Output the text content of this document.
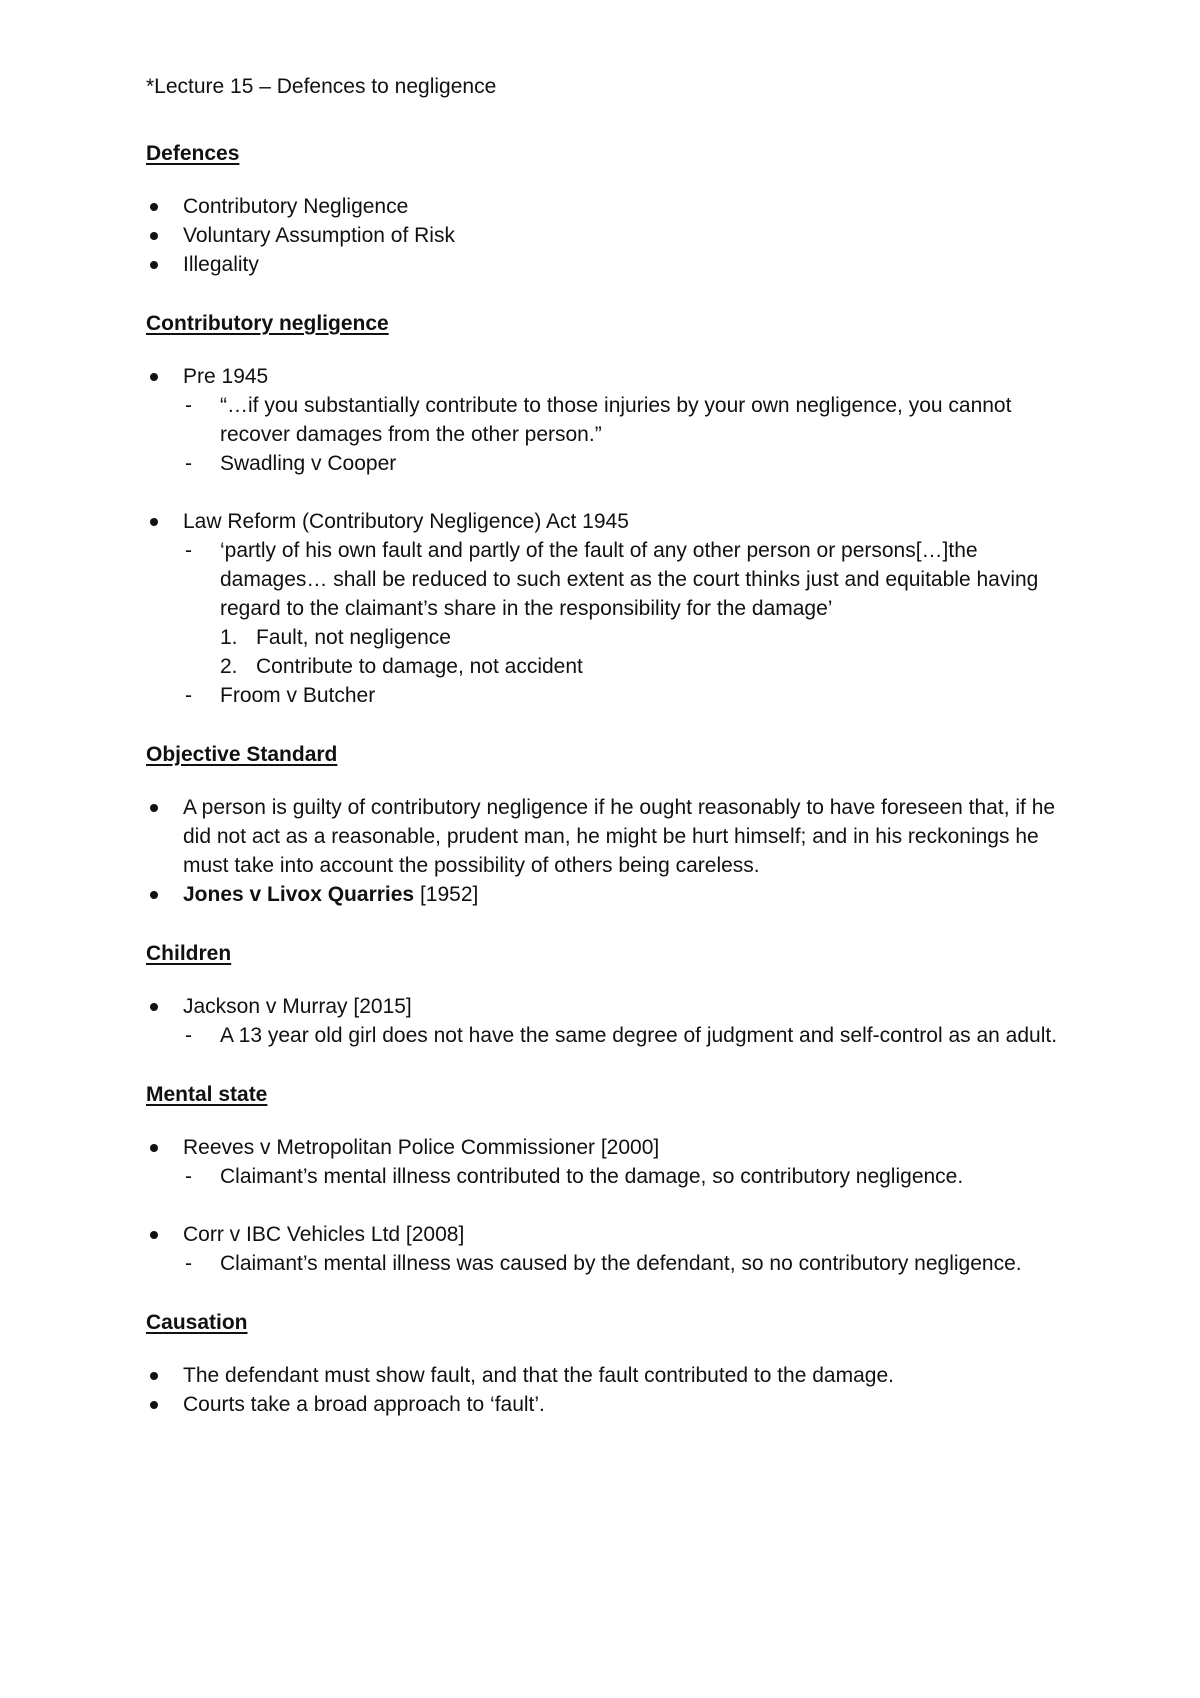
*Lecture 15 – Defences to negligence

Defences

Contributory Negligence
Voluntary Assumption of Risk
Illegality

Contributory negligence

Pre 1945
- “…if you substantially contribute to those injuries by your own negligence, you cannot recover damages from the other person.”
- Swadling v Cooper
Law Reform (Contributory Negligence) Act 1945
- ‘partly of his own fault and partly of the fault of any other person or persons[…]the damages… shall be reduced to such extent as the court thinks just and equitable having regard to the claimant’s share in the responsibility for the damage’
1. Fault, not negligence
2. Contribute to damage, not accident
- Froom v Butcher

Objective Standard

A person is guilty of contributory negligence if he ought reasonably to have foreseen that, if he did not act as a reasonable, prudent man, he might be hurt himself; and in his reckonings he must take into account the possibility of others being careless.
Jones v Livox Quarries [1952]

Children

Jackson v Murray [2015]
- A 13 year old girl does not have the same degree of judgment and self-control as an adult.

Mental state

Reeves v Metropolitan Police Commissioner [2000]
- Claimant’s mental illness contributed to the damage, so contributory negligence.
Corr v IBC Vehicles Ltd [2008]
- Claimant’s mental illness was caused by the defendant, so no contributory negligence.

Causation

The defendant must show fault, and that the fault contributed to the damage.
Courts take a broad approach to ‘fault’.
